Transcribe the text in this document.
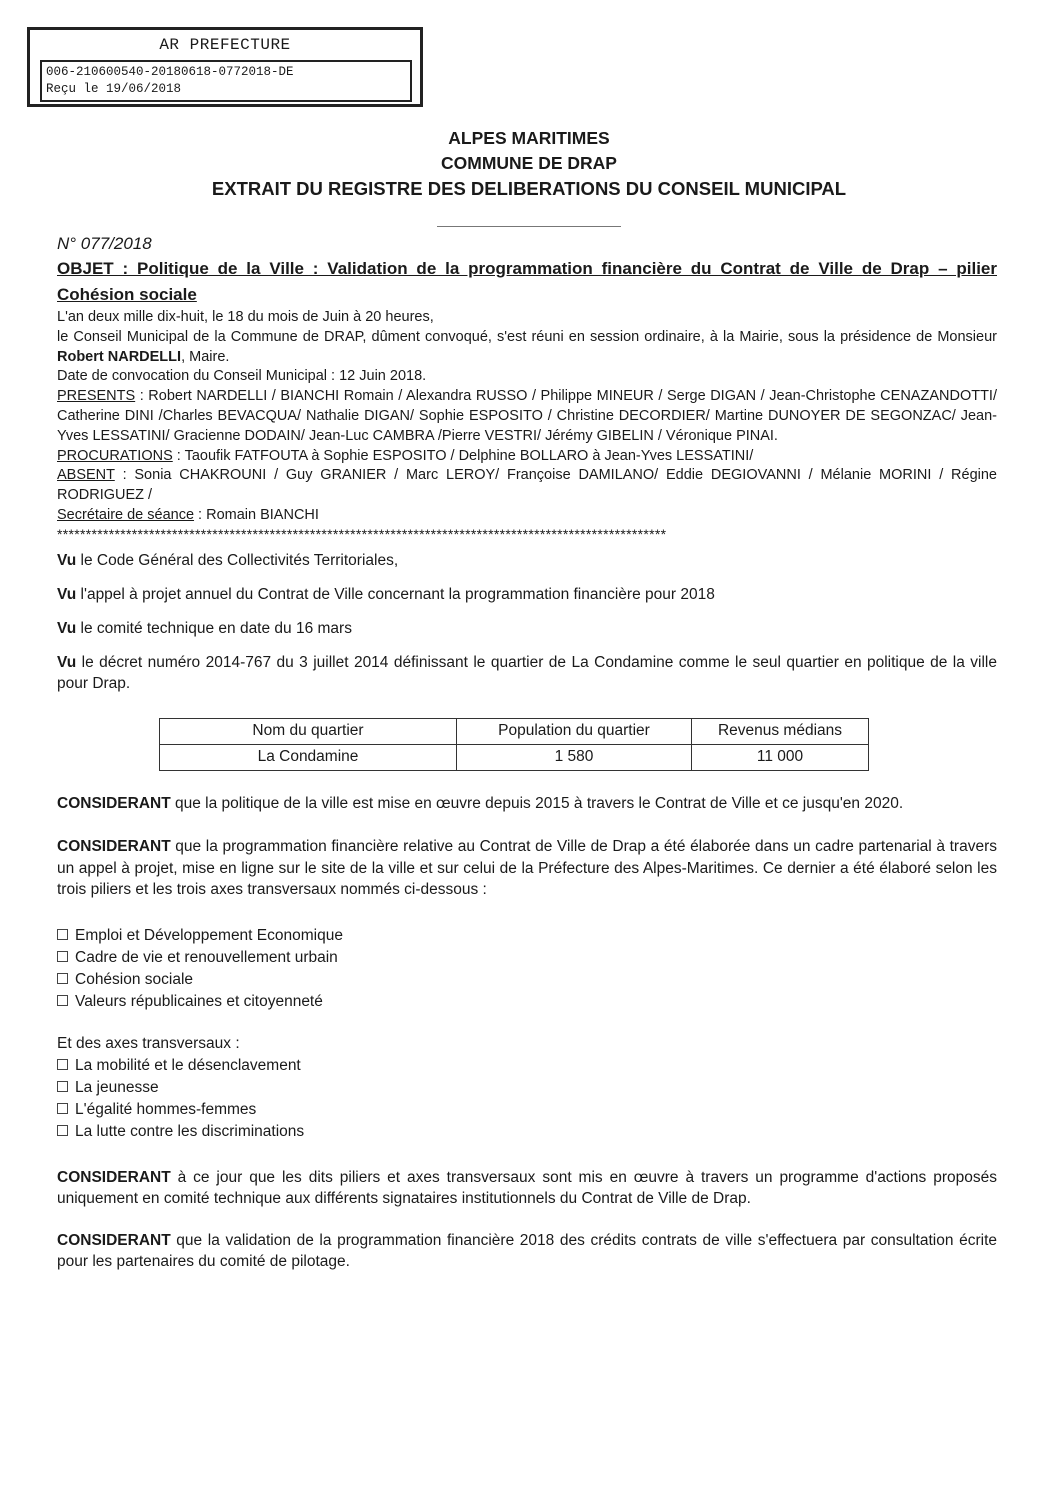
AR PREFECTURE
006-210600540-20180618-0772018-DE
Reçu le 19/06/2018
ALPES MARITIMES
COMMUNE DE DRAP
EXTRAIT DU REGISTRE DES DELIBERATIONS DU CONSEIL MUNICIPAL
N° 077/2018
OBJET : Politique de la Ville : Validation de la programmation financière du Contrat de Ville de Drap – pilier Cohésion sociale
L'an deux mille dix-huit, le 18 du mois de Juin à 20 heures,
le Conseil Municipal de la Commune de DRAP, dûment convoqué, s'est réuni en session ordinaire, à la Mairie, sous la présidence de Monsieur Robert NARDELLI, Maire.
Date de convocation du Conseil Municipal : 12 Juin 2018.
PRESENTS : Robert NARDELLI / BIANCHI Romain / Alexandra RUSSO / Philippe MINEUR / Serge DIGAN / Jean-Christophe CENAZANDOTTI/ Catherine DINI /Charles BEVACQUA/ Nathalie DIGAN/ Sophie ESPOSITO / Christine DECORDIER/ Martine DUNOYER DE SEGONZAC/ Jean-Yves LESSATINI/ Gracienne DODAIN/ Jean-Luc CAMBRA /Pierre VESTRI/ Jérémy GIBELIN / Véronique PINAI.
PROCURATIONS : Taoufik FATFOUTA à Sophie ESPOSITO / Delphine BOLLARO à Jean-Yves LESSATINI/
ABSENT : Sonia CHAKROUNI / Guy GRANIER / Marc LEROY/ Françoise DAMILANO/ Eddie DEGIOVANNI / Mélanie MORINI / Régine RODRIGUEZ /
Secrétaire de séance : Romain BIANCHI
**********************************************************************************************************
Vu le Code Général des Collectivités Territoriales,
Vu l'appel à projet annuel du Contrat de Ville concernant la programmation financière pour 2018
Vu le comité technique en date du 16 mars
Vu le décret numéro 2014-767 du 3 juillet 2014 définissant le quartier de La Condamine comme le seul quartier en politique de la ville pour Drap.
Nom du quartier	Population du quartier	Revenus médians
La Condamine	1 580	11 000
CONSIDERANT que la politique de la ville est mise en œuvre depuis 2015 à travers le Contrat de Ville et ce jusqu'en 2020.
CONSIDERANT que la programmation financière relative au Contrat de Ville de Drap a été élaborée dans un cadre partenarial à travers un appel à projet, mise en ligne sur le site de la ville et sur celui de la Préfecture des Alpes-Maritimes. Ce dernier a été élaboré selon les trois piliers et les trois axes transversaux nommés ci-dessous :
Emploi et Développement Economique
Cadre de vie et renouvellement urbain
Cohésion sociale
Valeurs républicaines et citoyenneté
Et des axes transversaux :
La mobilité et le désenclavement
La jeunesse
L'égalité hommes-femmes
La lutte contre les discriminations
CONSIDERANT à ce jour que les dits piliers et axes transversaux sont mis en œuvre à travers un programme d'actions proposés uniquement en comité technique aux différents signataires institutionnels du Contrat de Ville de Drap.
CONSIDERANT que la validation de la programmation financière 2018 des crédits contrats de ville s'effectuera par consultation écrite pour les partenaires du comité de pilotage.
